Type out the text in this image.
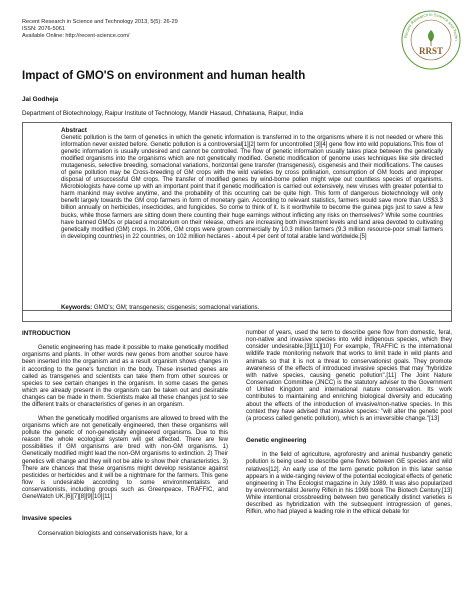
Recent Research in Science and Technology 2013, 5(5): 26-29
ISSN: 2076-5061
Available Online: http://recent-science.com/	Recent Research in Science and Techn
RRST
Impact of GMO'S on environment and human health
Jai Godheja
Department of Biotechnology, Raipur Institute of Technology, Mandir Hasaud, Chhatauna, Raipur, India
Abstract
Genetic pollution is the term of genetics in which the genetic information is transferred in to the organisms where it is not needed or where this information never existed before. Genetic pollution is a controversial[1][2] term for uncontrolled [3][4] gene flow into wild populations.This flow of genetic information is usually undesired and cannot be controlled. The flow of genetic information usually takes place between the genetically modified organisms into the organisms which are not genetically modified. Genetic modification of genome uses techniques like site directed mutagenesis, selective breeding, somaclonal variations, horizontal gene transfer (transgenesis), cisgenesis and their modifications. The causes of gene pollution may be Cross-breeding of GM crops with the wild varieties by cross pollination, consumption of GM foods and improper disposal of unsuccessful GM crops. The transfer of modified genes by wind-borne pollen might wipe out countless species of organisms. Microbiologists have come up with an important point that if genetic modification is carried out extensively, new viruses with greater potential to harm mankind may evolve anytime, and the probability of this occurring can be quite high. This form of dangerous biotechnology will only benefit largely towards the GM crop farmers in form of monetary gain. According to relevant statistics, farmers would save more than US$3.3 billion annually on herbicides, insecticides, and fungicides. So come to think of it. Is it worthwhile to become the guinea pigs just to save a few bucks, while those farmers are sitting down there counting their huge earnings without inflicting any risks on themselves? While some countries have banned GMOs or placed a moratorium on their release, others are increasing both investment levels and land area devoted to cultivating genetically modified (GM) crops. In 2006, GM crops were grown commercially by 10.3 million farmers (9.3 million resource-poor small farmers in developing countries) in 22 countries, on 102 million hectares - about 4 per cent of total arable land worldwide.[5]
Keywords: GMO's; GM; transgenesis; cisgenesis; somaclonal variations.
INTRODUCTION

Genetic engineering has made it possible to make genetically modified organisms and plants. In other words new genes from another source have been inserted into the organism and as a result organism shows changes in it according to the gene's function in the body. These inserted genes are called as transgenes and scientists can take them from other sources or species to see certain changes in the organism. In some cases the genes which are already present in the organism can be taken out and desirable changes can be made in them. Scientists make all these changes just to see the different traits or characteristics of genes in an organism.

When the genetically modified organisms are allowed to breed with the organisms which are not genetically engineered, then these organisms will pollute the genetic of non-genetically engineered organisms. Due to this reason the whole ecological system will get affected. There are few possibilities if GM organisms are bred with non-GM organisms. 1) Genetically modified might lead the non-GM organisms to extinction. 2) Their genetics will change and they will not be able to show their characteristics. 3) There are chances that these organisms might develop resistance against pesticides or herbicides and it will be a nightmare for the farmers. This gene flow is undesirable according to some environmentalists and conservationists, including groups such as Greenpeace, TRAFFIC, and GeneWatch UK.[6][7][8][9][10][11]

Invasive species

Conservation biologists and conservationists have, for a

number of years, used the term to describe gene flow from domestic, feral, non-native and invasive species into wild indigenous species, which they consider undesirable.[3][11][10] For example, TRAFFIC is the international wildlife trade monitoring network that works to limit trade in wild plants and animals so that it is not a threat to conservationist goals. They promote awareness of the effects of introduced invasive species that may "hybridize with native species, causing genetic pollution".[11] The Joint Nature Conservation Committee (JNCC) is the statutory adviser to the Government of United Kingdom and international nature conservation. Its work contributes to maintaining and enriching biological diversity and educating about the effects of the introduction of invasive/non-native species. In this context they have advised that invasive species: "will alter the genetic pool (a process called genetic pollution), which is an irreversible change."[13]

Genetic engineering

In the field of agriculture, agroforestry and animal husbandry genetic pollution is being used to describe gene flows between GE species and wild relatives[12]. An early use of the term genetic pollution in this later sense appears in a wide-ranging review of the potential ecological effects of genetic engineering in The Ecologist magazine in July 1989. It was also popularized by environmentalist Jeremy Rifkin in his 1998 book The Biotech Century.[13] While intentional crossbreeding between two genetically distinct varieties is described as hybridization with the subsequent introgression of genes, Rifkin, who had played a leading role in the ethical debate for
